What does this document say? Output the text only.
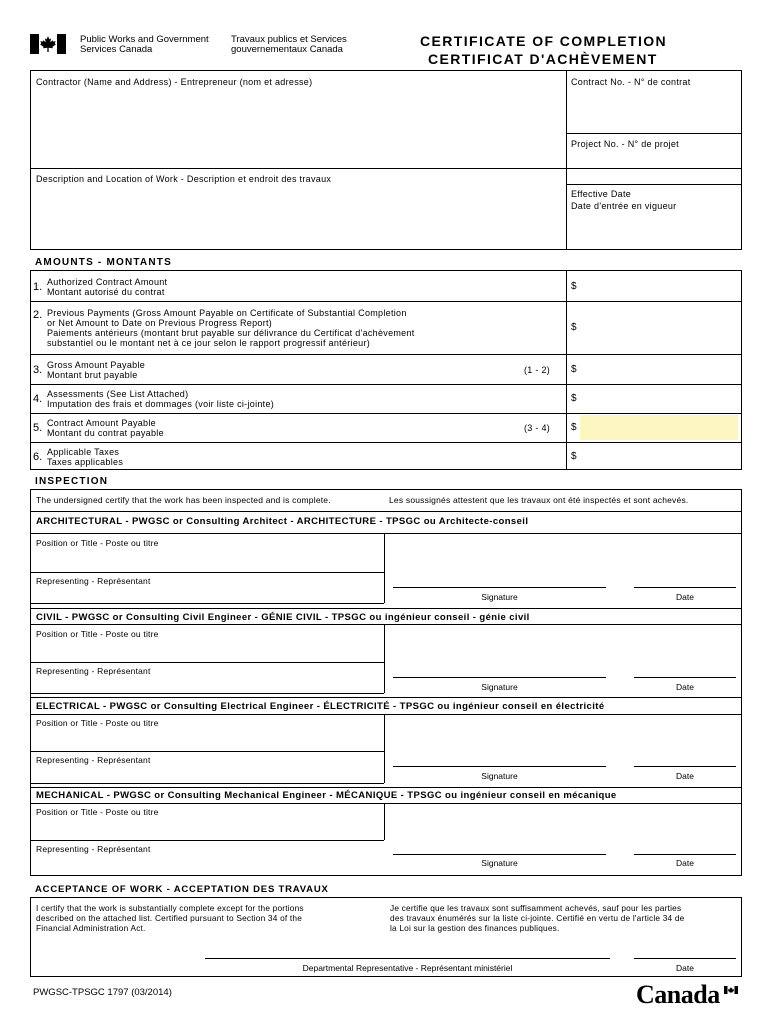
Public Works and Government
Services Canada
Travaux publics et Services
gouvernementaux Canada
CERTIFICATE OF COMPLETION
CERTIFICAT D'ACHÈVEMENT
Contractor (Name and Address) - Entrepreneur (nom et adresse)	Contract No. - N° de contrat
Project No. - N° de projet
Description and Location of Work - Description et endroit des travaux
Effective Date
Date d'entrée en vigueur
AMOUNTS - MONTANTS
1. Authorized Contract Amount
Montant autorisé du contrat	$
2. Previous Payments (Gross Amount Payable on Certificate of Substantial Completion
or Net Amount to Date on Previous Progress Report)
Paiements antérieurs (montant brut payable sur délivrance du Certificat d'achèvement
substantiel ou le montant net à ce jour selon le rapport progressif antérieur)
$
3. Gross Amount Payable
Montant brut payable	(1 - 2) $
4. Assessments (See List Attached)
Imputation des frais et dommages (voir liste ci-jointe)	$
5. Contract Amount Payable
Montant du contrat payable	(3 - 4) $
6. Applicable Taxes
Taxes applicables	$
INSPECTION
The undersigned certify that the work has been inspected and is complete.	Les soussignés attestent que les travaux ont été inspectés et sont achevés.
ARCHITECTURAL - PWGSC or Consulting Architect - ARCHITECTURE - TPSGC ou Architecte-conseil
Position or Title - Poste ou titre
Representing - Représentant
Signature	Date
CIVIL - PWGSC or Consulting Civil Engineer - GÉNIE CIVIL - TPSGC ou ingénieur conseil - génie civil
Position or Title - Poste ou titre
Representing - Représentant
Signature	Date
ELECTRICAL - PWGSC or Consulting Electrical Engineer - ÉLECTRICITÉ - TPSGC ou ingénieur conseil en électricité
Position or Title - Poste ou titre
Representing - Représentant
Signature	Date
MECHANICAL - PWGSC or Consulting Mechanical Engineer - MÉCANIQUE - TPSGC ou ingénieur conseil en mécanique
Position or Title - Poste ou titre
Representing - Représentant
Signature	Date
ACCEPTANCE OF WORK - ACCEPTATION DES TRAVAUX
I certify that the work is substantially complete except for the portions
described on the attached list. Certified pursuant to Section 34 of the
Financial Administration Act.
Je certifie que les travaux sont suffisamment achevés, sauf pour les parties
des travaux énumérés sur la liste ci-jointe. Certifié en vertu de l'article 34 de
la Loi sur la gestion des finances publiques.
Departmental Representative - Représentant ministériel	Date
PWGSC-TPSGC 1797 (03/2014)	Canada
